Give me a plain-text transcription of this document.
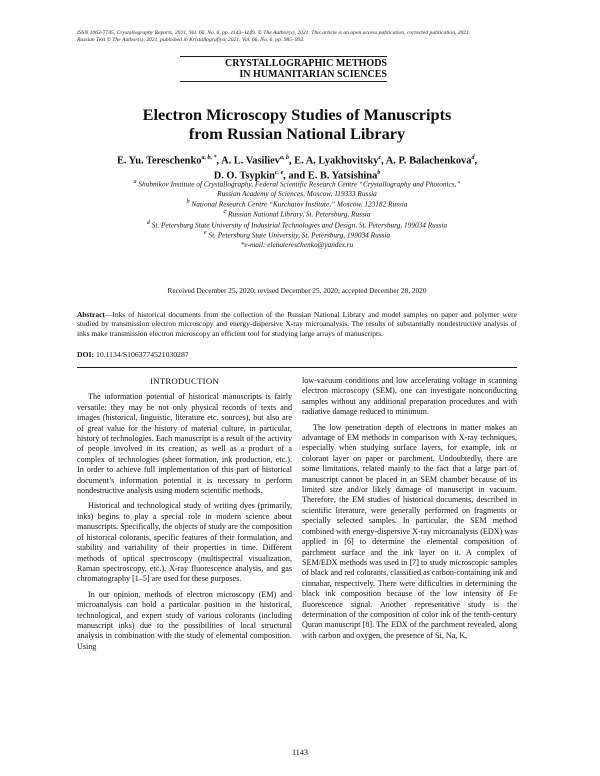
ISSN 1063-7745, Crystallography Reports, 2021, Vol. 66, No. 6, pp. 1143–1149. © The Author(s), 2021. This article is an open access publication, corrected publication, 2021.
Russian Text © The Author(s), 2021, published in Kristallografiya, 2021, Vol. 66, No. 6, pp. 985–992.
CRYSTALLOGRAPHIC METHODS
IN HUMANITARIAN SCIENCES
Electron Microscopy Studies of Manuscripts
from Russian National Library
E. Yu. Tereschenko$^{a, b, *}$, A. L. Vasiliev$^{a, b}$, E. A. Lyakhovitsky$^c$, A. P. Balachenkova$^d$,
D. O. Tsypkin$^{c, e}$, and E. B. Yatsishina$^b$

$^a$ Shubnikov Institute of Crystallography, Federal Scientific Research Centre “Crystallography and Photonics,”

Russian Academy of Sciences, Moscow, 119333 Russia

$^b$ National Research Centre “Kurchatov Institute,” Moscow, 123182 Russia

$^c$ Russian National Library, St. Petersburg, Russia

$^d$ St. Petersburg State University of Industrial Technologies and Design, St. Petersburg, 199034 Russia

$^e$ St. Petersburg State University, St. Petersburg, 199034 Russia

*e-mail: elenatereschenko@yandex.ru

Received December 25, 2020; revised December 25, 2020; accepted December 28, 2020
Abstract—Inks of historical documents from the collection of the Russian National Library and model samples on paper and polymer were studied by transmission electron microscopy and energy-dispersive X-ray microanalysis. The results of substantially nondestructive analysis of inks make transmission electron microscopy an efficient tool for studying large arrays of manuscripts.
DOI: 10.1134/S1063774521030287
INTRODUCTION

The information potential of historical manuscripts is fairly versatile: they may be not only physical records of texts and images (historical, linguistic, literature etc. sources), but also are of great value for the history of material culture, in particular, history of technologies. Each manuscript is a result of the activity of people involved in its creation, as well as a product of a complex of technologies (sheet formation, ink production, etc.). In order to achieve full implementation of this part of historical document’s information potential it is necessary to perform nondestructive analysis using modern scientific methods.

Historical and technological study of writing dyes (primarily, inks) begins to play a special role in modern science about manuscripts. Specifically, the objects of study are the composition of historical colorants, specific features of their formulation, and stability and variability of their properties in time. Different methods of optical spectroscopy (multispectral visualization, Raman spectroscopy, etc.), X-ray fluorescence analysis, and gas chromatography [1–5] are used for these purposes.

In our opinion, methods of electron microscopy (EM) and microanalysis can hold a particular position in the historical, technological, and expert study of various colorants (including manuscript inks) due to the possibilities of local structural analysis in combination with the study of elemental composition. Using

low-vacuum conditions and low accelerating voltage in scanning electron microscopy (SEM), one can investigate nonconducting samples without any additional preparation procedures and with radiative damage reduced to minimum.

The low penetration depth of electrons in matter makes an advantage of EM methods in comparison with X-ray techniques, especially when studying surface layers, for example, ink or colorant layer on paper or parchment. Undoubtedly, there are some limitations, related mainly to the fact that a large part of manuscript cannot be placed in an SEM chamber because of its limited size and/or likely damage of manuscript in vacuum. Therefore, the EM studies of historical documents, described in scientific literature, were generally performed on fragments or specially selected samples. In particular, the SEM method combined with energy-dispersive X-ray microanalysis (EDX) was applied in [6] to determine the elemental composition of parchment surface and the ink layer on it. A complex of SEM/EDX methods was used in [7] to study microscopic samples of black and red colorants, classified as carbon-containing ink and cinnabar, respectively. There were difficulties in determining the black ink composition because of the low intensity of Fe fluorescence signal. Another representative study is the determination of the composition of color ink of the tenth-century Quran manuscript [8]. The EDX of the parchment revealed, along with carbon and oxygen, the presence of Si, Na, K,

1143
